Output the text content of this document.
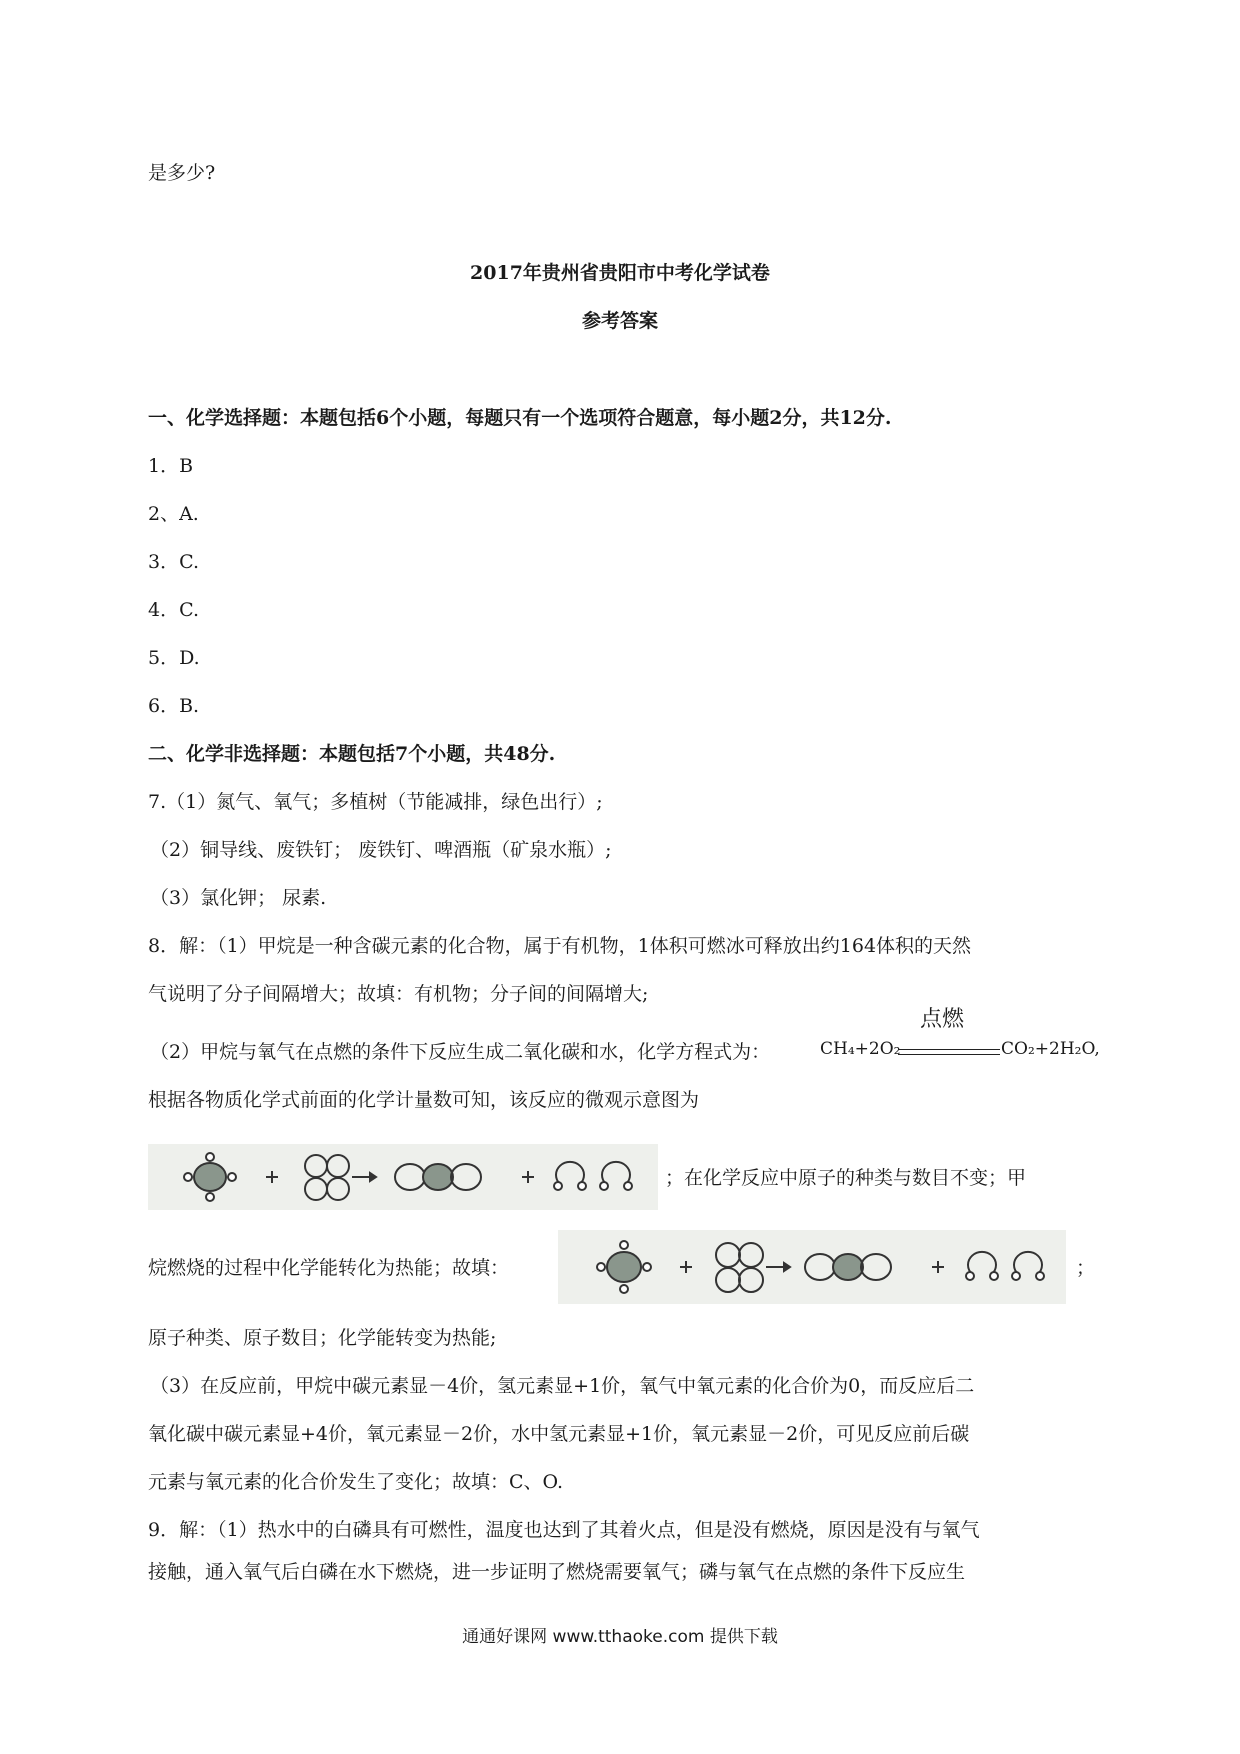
是多少?
2017年贵州省贵阳市中考化学试卷
参考答案
一、化学选择题：本题包括6个小题，每题只有一个选项符合题意，每小题2分，共12分.
1．B
2、A.
3．C.
4．C.
5．D.
6．B.
二、化学非选择题：本题包括7个小题，共48分.
7.（1）氮气、氧气；多植树（节能减排，绿色出行）;
（2）铜导线、废铁钉； 废铁钉、啤酒瓶（矿泉水瓶）;
（3）氯化钾； 尿素.
8．解：（1）甲烷是一种含碳元素的化合物，属于有机物，1体积可燃冰可释放出约164体积的天然
气说明了分子间隔增大；故填：有机物；分子间的间隔增大;
（2）甲烷与氧气在点燃的条件下反应生成二氧化碳和水，化学方程式为：	CH₄+2O₂
点燃
CO₂+2H₂O,
根据各物质化学式前面的化学计量数可知，该反应的微观示意图为
；在化学反应中原子的种类与数目不变；甲
烷燃烧的过程中化学能转化为热能；故填：	；
原子种类、原子数目；化学能转变为热能;
（3）在反应前，甲烷中碳元素显－4价，氢元素显+1价，氧气中氧元素的化合价为0，而反应后二
氧化碳中碳元素显+4价，氧元素显－2价，水中氢元素显+1价，氧元素显－2价，可见反应前后碳
元素与氧元素的化合价发生了变化；故填：C、O.
9．解：（1）热水中的白磷具有可燃性，温度也达到了其着火点，但是没有燃烧，原因是没有与氧气
接触，通入氧气后白磷在水下燃烧，进一步证明了燃烧需要氧气；磷与氧气在点燃的条件下反应生
通通好课网 www.tthaoke.com 提供下载
